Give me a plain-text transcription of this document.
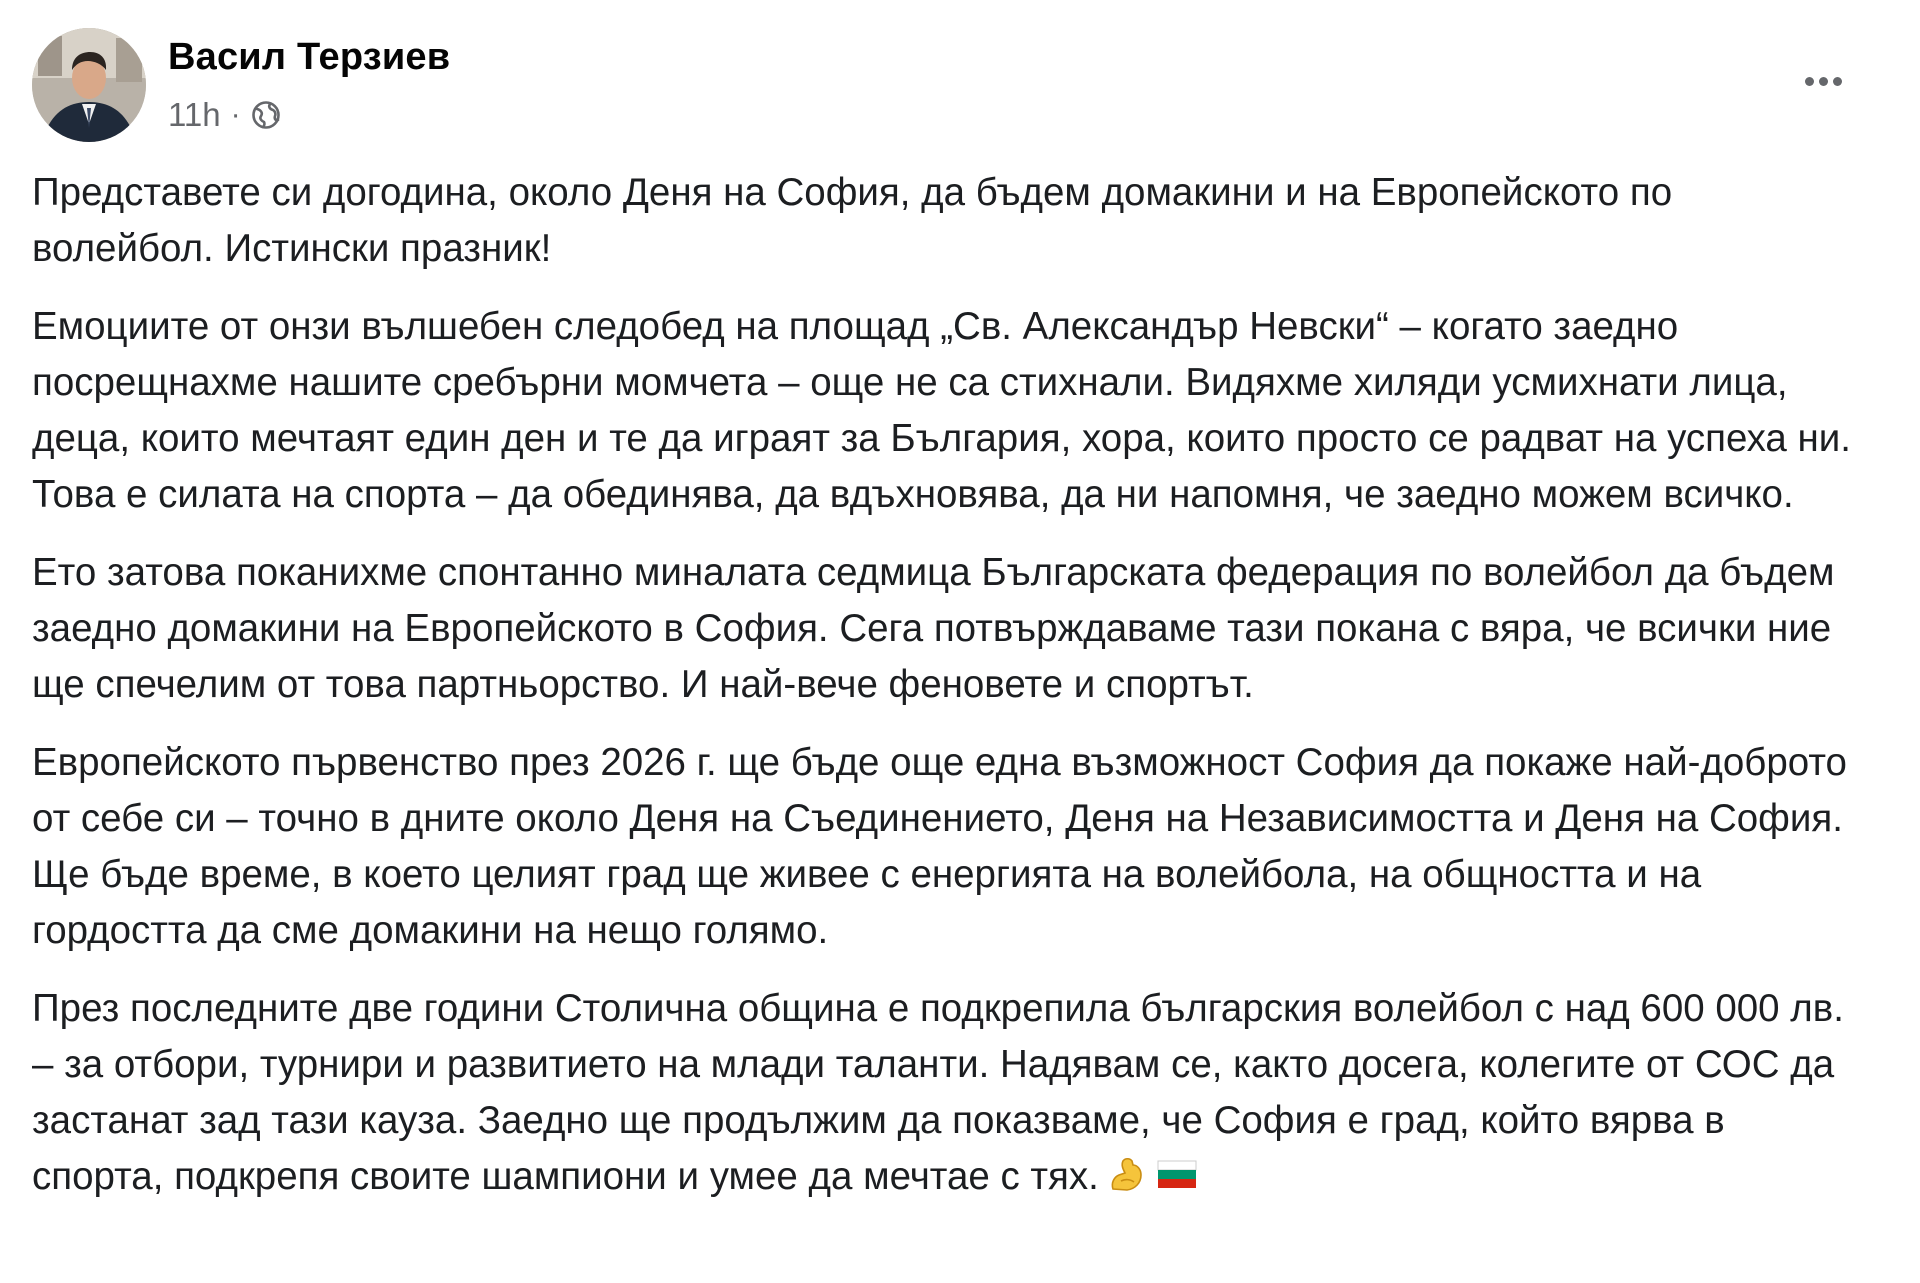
Васил Терзиев
11h ·

Представете си догодина, около Деня на София, да бъдем домакини и на Европейското по волейбол. Истински празник!

Емоциите от онзи вълшебен следобед на площад „Св. Александър Невски“ – когато заедно посрещнахме нашите сребърни момчета – още не са стихнали. Видяхме хиляди усмихнати лица, деца, които мечтаят един ден и те да играят за България, хора, които просто се радват на успеха ни. Това е силата на спорта – да обединява, да вдъхновява, да ни напомня, че заедно можем всичко.

Ето затова поканихме спонтанно миналата седмица Българската федерация по волейбол да бъдем заедно домакини на Европейското в София. Сега потвърждаваме тази покана с вяра, че всички ние ще спечелим от това партньорство. И най-вече феновете и спортът.

Европейското първенство през 2026 г. ще бъде още една възможност София да покаже най-доброто от себе си – точно в дните около Деня на Съединението, Деня на Независимостта и Деня на София. Ще бъде време, в което целият град ще живее с енергията на волейбола, на общността и на гордостта да сме домакини на нещо голямо.

През последните две години Столична община е подкрепила българския волейбол с над 600 000 лв. – за отбори, турнири и развитието на млади таланти. Надявам се, както досега, колегите от СОС да застанат зад тази кауза. Заедно ще продължим да показваме, че София е град, който вярва в спорта, подкрепя своите шампиони и умее да мечтае с тях.
